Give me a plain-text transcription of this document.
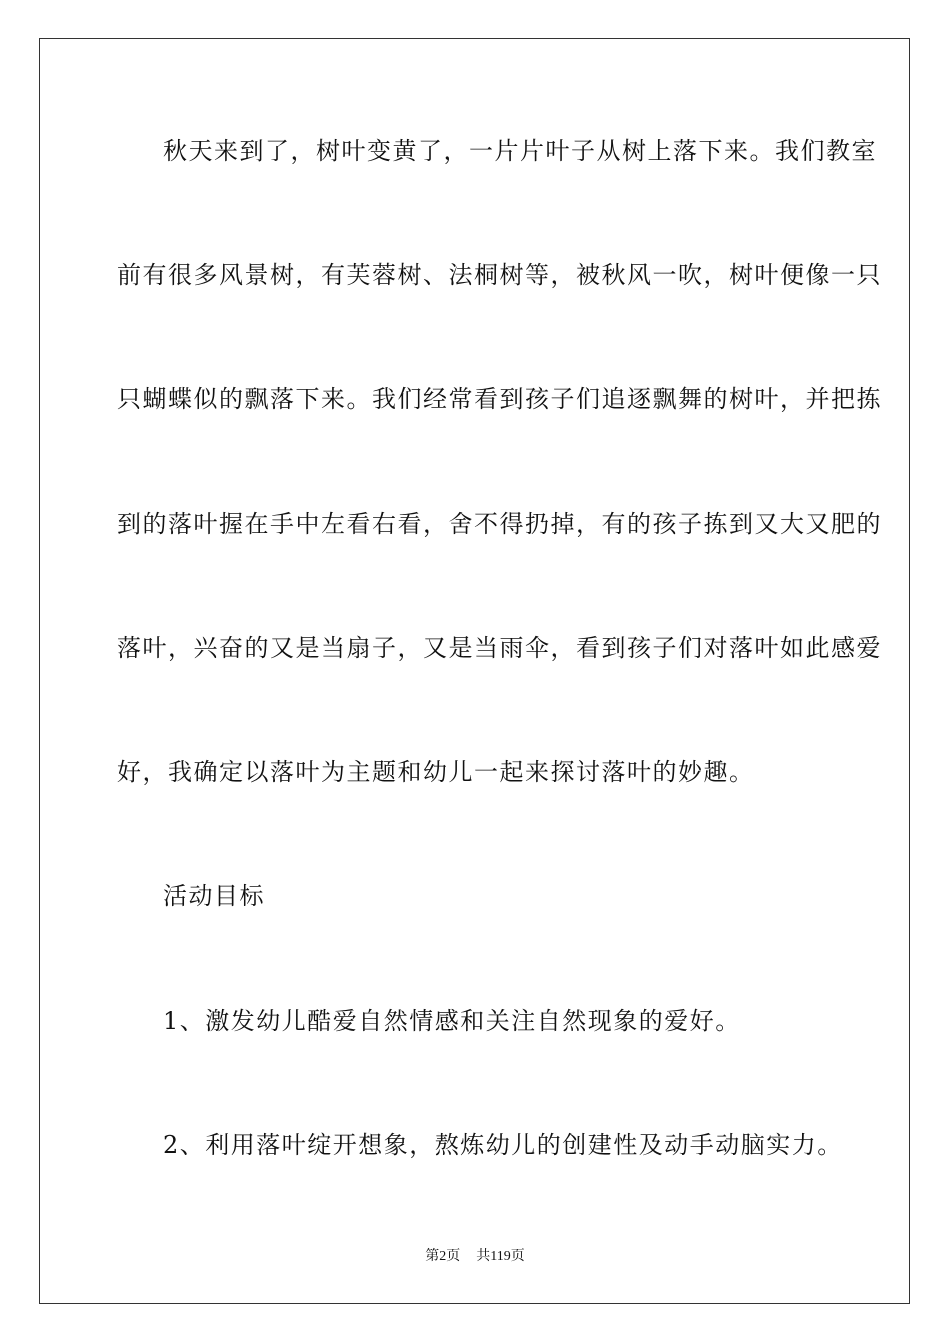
秋天来到了，树叶变黄了，一片片叶子从树上落下来。我们教室
前有很多风景树，有芙蓉树、法桐树等，被秋风一吹，树叶便像一只
只蝴蝶似的飘落下来。我们经常看到孩子们追逐飘舞的树叶，并把拣
到的落叶握在手中左看右看，舍不得扔掉，有的孩子拣到又大又肥的
落叶，兴奋的又是当扇子，又是当雨伞，看到孩子们对落叶如此感爱
好，我确定以落叶为主题和幼儿一起来探讨落叶的妙趣。
活动目标
1、激发幼儿酷爱自然情感和关注自然现象的爱好。
2、利用落叶绽开想象，熬炼幼儿的创建性及动手动脑实力。
第2页 共119页
